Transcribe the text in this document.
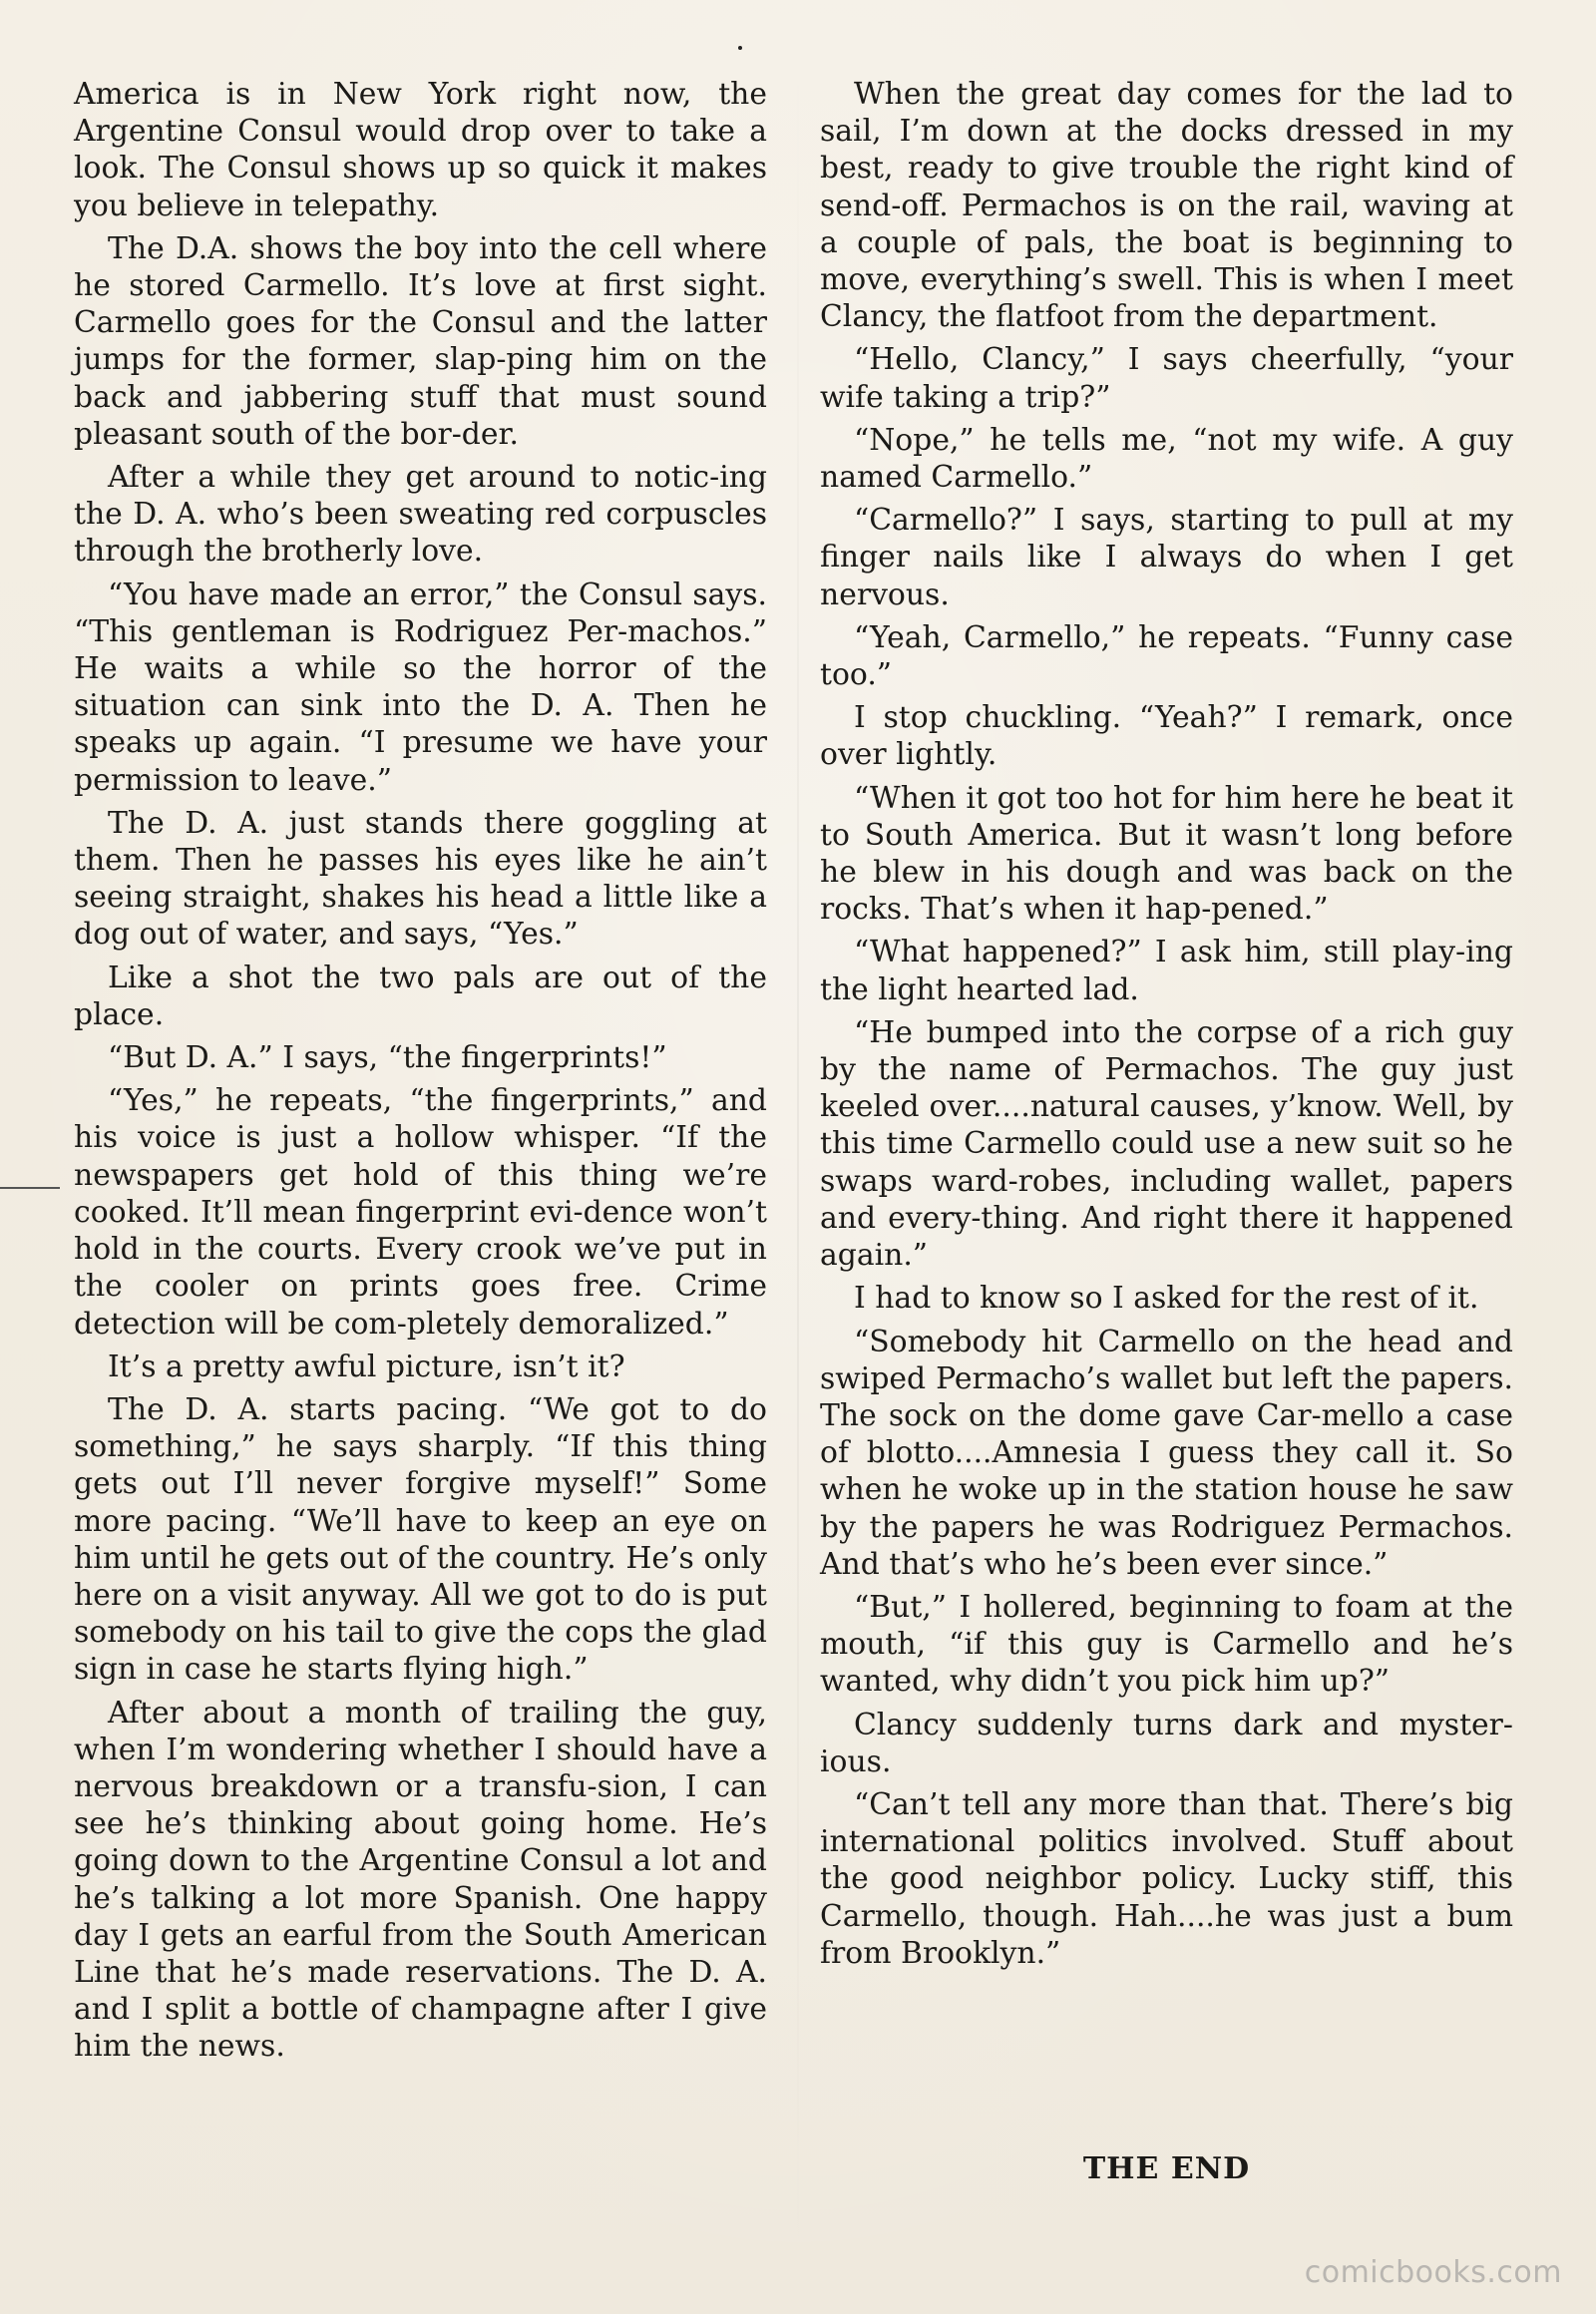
America is in New York right now, the Argentine Consul would drop over to take a look. The Consul shows up so quick it makes you believe in telepathy.

The D.A. shows the boy into the cell where he stored Carmello. It’s love at first sight. Carmello goes for the Consul and the latter jumps for the former, slap-ping him on the back and jabbering stuff that must sound pleasant south of the bor-der.

After a while they get around to notic-ing the D. A. who’s been sweating red corpuscles through the brotherly love.

“You have made an error,” the Consul says. “This gentleman is Rodriguez Per-machos.” He waits a while so the horror of the situation can sink into the D. A. Then he speaks up again. “I presume we have your permission to leave.”

The D. A. just stands there goggling at them. Then he passes his eyes like he ain’t seeing straight, shakes his head a little like a dog out of water, and says, “Yes.”

Like a shot the two pals are out of the place.

“But D. A.” I says, “the fingerprints!”

“Yes,” he repeats, “the fingerprints,” and his voice is just a hollow whisper. “If the newspapers get hold of this thing we’re cooked. It’ll mean fingerprint evi-dence won’t hold in the courts. Every crook we’ve put in the cooler on prints goes free. Crime detection will be com-pletely demoralized.”

It’s a pretty awful picture, isn’t it?

The D. A. starts pacing. “We got to do something,” he says sharply. “If this thing gets out I’ll never forgive myself!” Some more pacing. “We’ll have to keep an eye on him until he gets out of the country. He’s only here on a visit anyway. All we got to do is put somebody on his tail to give the cops the glad sign in case he starts flying high.”

After about a month of trailing the guy, when I’m wondering whether I should have a nervous breakdown or a transfu-sion, I can see he’s thinking about going home. He’s going down to the Argentine Consul a lot and he’s talking a lot more Spanish. One happy day I gets an earful from the South American Line that he’s made reservations. The D. A. and I split a bottle of champagne after I give him the news.

When the great day comes for the lad to sail, I’m down at the docks dressed in my best, ready to give trouble the right kind of send-off. Permachos is on the rail, waving at a couple of pals, the boat is beginning to move, everything’s swell. This is when I meet Clancy, the flatfoot from the department.

“Hello, Clancy,” I says cheerfully, “your wife taking a trip?”

“Nope,” he tells me, “not my wife. A guy named Carmello.”

“Carmello?” I says, starting to pull at my finger nails like I always do when I get nervous.

“Yeah, Carmello,” he repeats. “Funny case too.”

I stop chuckling. “Yeah?” I remark, once over lightly.

“When it got too hot for him here he beat it to South America. But it wasn’t long before he blew in his dough and was back on the rocks. That’s when it hap-pened.”

“What happened?” I ask him, still play-ing the light hearted lad.

“He bumped into the corpse of a rich guy by the name of Permachos. The guy just keeled over....natural causes, y’know. Well, by this time Carmello could use a new suit so he swaps ward-robes, including wallet, papers and every-thing. And right there it happened again.”

I had to know so I asked for the rest of it.

“Somebody hit Carmello on the head and swiped Permacho’s wallet but left the papers. The sock on the dome gave Car-mello a case of blotto....Amnesia I guess they call it. So when he woke up in the station house he saw by the papers he was Rodriguez Permachos. And that’s who he’s been ever since.”

“But,” I hollered, beginning to foam at the mouth, “if this guy is Carmello and he’s wanted, why didn’t you pick him up?”

Clancy suddenly turns dark and myster-ious.

“Can’t tell any more than that. There’s big international politics involved. Stuff about the good neighbor policy. Lucky stiff, this Carmello, though. Hah....he was just a bum from Brooklyn.”

THE END
comicbooks.com
